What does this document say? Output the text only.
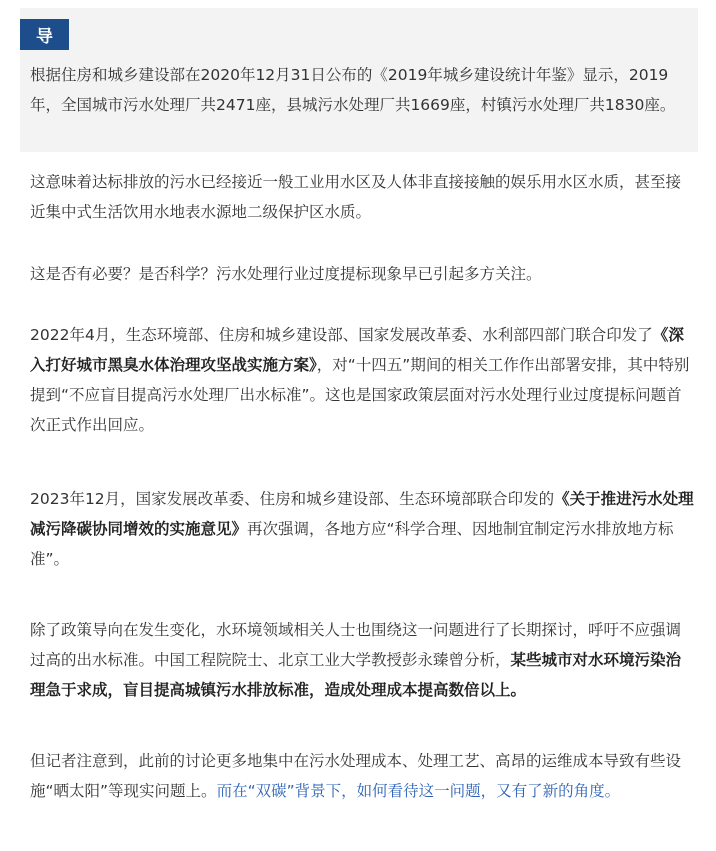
导

根据住房和城乡建设部在2020年12月31日公布的《2019年城乡建设统计年鉴》显示，2019年，全国城市污水处理厂共2471座，县城污水处理厂共1669座，村镇污水处理厂共1830座。

这意味着达标排放的污水已经接近一般工业用水区及人体非直接接触的娱乐用水区水质，甚至接近集中式生活饮用水地表水源地二级保护区水质。

这是否有必要？是否科学？污水处理行业过度提标现象早已引起多方关注。

2022年4月，生态环境部、住房和城乡建设部、国家发展改革委、水利部四部门联合印发了《深入打好城市黑臭水体治理攻坚战实施方案》，对“十四五”期间的相关工作作出部署安排，其中特别提到“不应盲目提高污水处理厂出水标准”。这也是国家政策层面对污水处理行业过度提标问题首次正式作出回应。

2023年12月，国家发展改革委、住房和城乡建设部、生态环境部联合印发的《关于推进污水处理减污降碳协同增效的实施意见》再次强调，各地方应“科学合理、因地制宜制定污水排放地方标准”。

除了政策导向在发生变化，水环境领域相关人士也围绕这一问题进行了长期探讨，呼吁不应强调过高的出水标准。中国工程院院士、北京工业大学教授彭永臻曾分析，某些城市对水环境污染治理急于求成，盲目提高城镇污水排放标准，造成处理成本提高数倍以上。

但记者注意到，此前的讨论更多地集中在污水处理成本、处理工艺、高昂的运维成本导致有些设施“晒太阳”等现实问题上。而在“双碳”背景下，如何看待这一问题，又有了新的角度。
